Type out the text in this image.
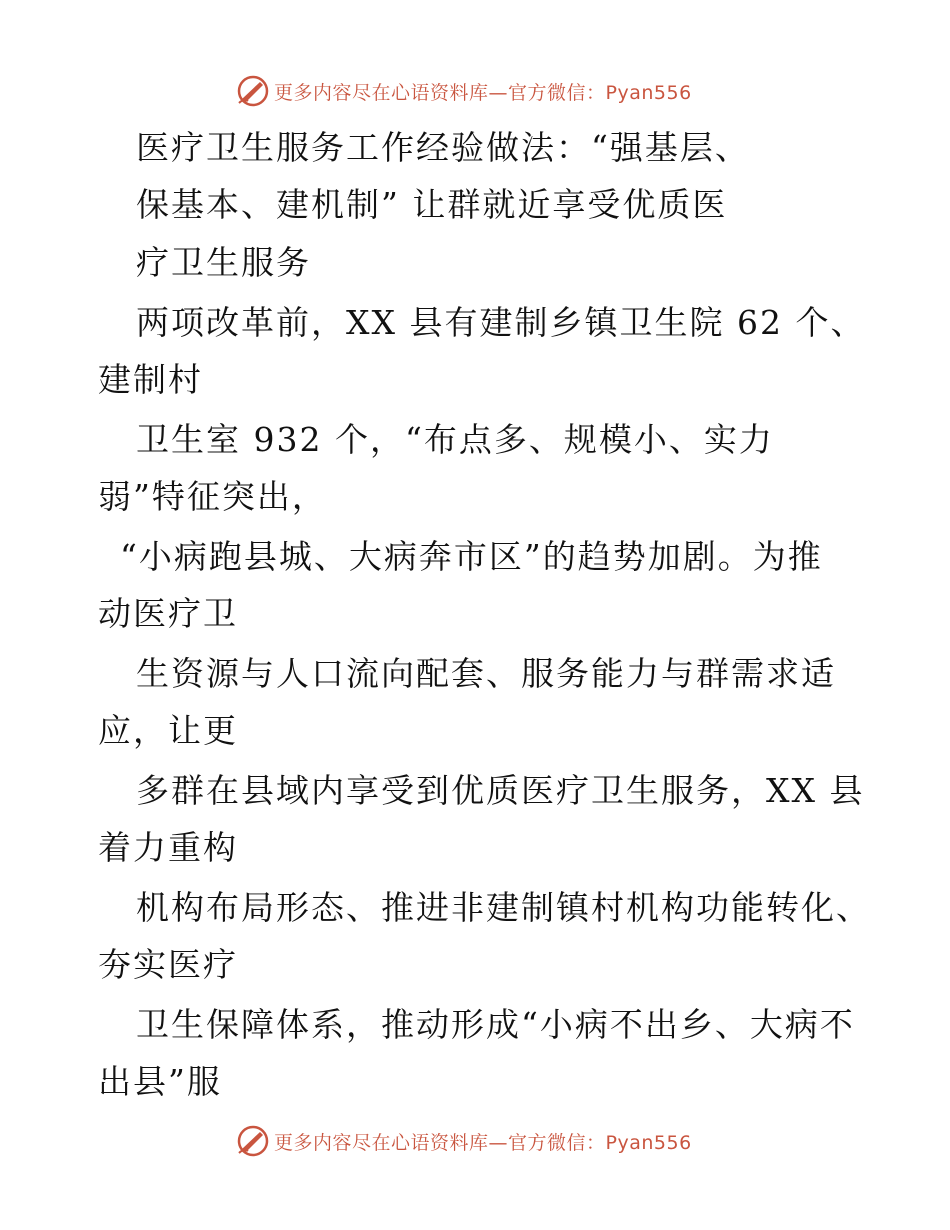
更多内容尽在心语资料库—官方微信：Pyan556
医疗卫生服务工作经验做法：“强基层、
保基本、建机制” 让群就近享受优质医
疗卫生服务
两项改革前，XX 县有建制乡镇卫生院 62 个、
建制村
卫生室 932 个，“布点多、规模小、实力
弱”特征突出，
“小病跑县城、大病奔市区”的趋势加剧。为推
动医疗卫
生资源与人口流向配套、服务能力与群需求适
应，让更
多群在县域内享受到优质医疗卫生服务，XX 县
着力重构
机构布局形态、推进非建制镇村机构功能转化、
夯实医疗
卫生保障体系，推动形成“小病不出乡、大病不
出县”服
更多内容尽在心语资料库—官方微信：Pyan556
